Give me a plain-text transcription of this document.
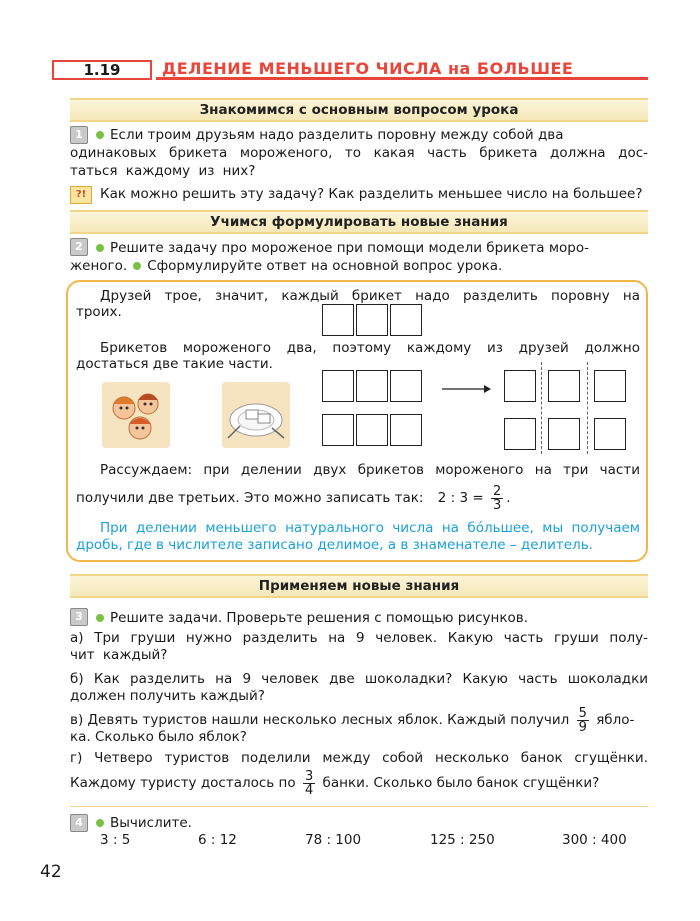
1.19	ДЕЛЕНИЕ МЕНЬШЕГО ЧИСЛА на БОЛЬШЕЕ
Знакомимся с основным вопросом урока
1	Если троим друзьям надо разделить поровну между собой два
одинаковых брикета мороженого, то какая часть брикета должна дос-
таться каждому из них?
?!	Как можно решить эту задачу? Как разделить меньшее число на большее?
Учимся формулировать новые знания
2	Решите задачу про мороженое при помощи модели брикета моро-
женого. Сформулируйте ответ на основной вопрос урока.
Друзей трое, значит, каждый брикет надо разделить поровну на
троих.
Брикетов мороженого два, поэтому каждому из друзей должно
достаться две такие части.
Рассуждаем: при делении двух брикетов мороженого на три части
получили две третьих. Это можно записать так: 2 : $3 = \frac{2}{3}$ .
При делении меньшего натурального числа на бóльшее, мы получаем
дробь, где в числителе записано делимое, а в знаменателе – делитель.
Применяем новые знания
3	Решите задачи. Проверьте решения с помощью рисунков.
а) Три груши нужно разделить на 9 человек. Какую часть груши полу-
чит каждый?
б) Как разделить на 9 человек две шоколадки? Какую часть шоколадки
должен получить каждый?
в) Девять туристов нашли несколько лесных яблок. Каждый получил $\frac{5}{9}$ ябло-
ка. Сколько было яблок?
г) Четверо туристов поделили между собой несколько банок сгущёнки.
Каждому туристу досталось по $\frac{3}{4}$ банки. Сколько было банок сгущёнки?
4	Вычислите.
3 : 5	6 : 12	78 : 100	125 : 250	300 : 400
42
